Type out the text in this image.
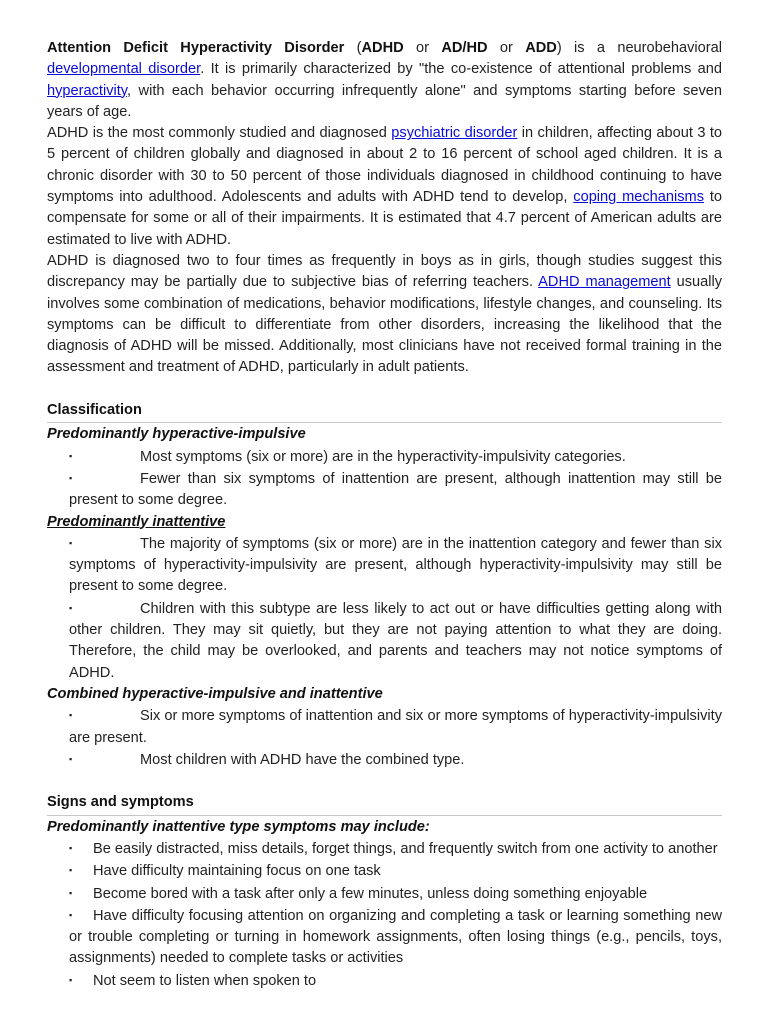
Attention Deficit Hyperactivity Disorder (ADHD or AD/HD or ADD) is a neurobehavioral developmental disorder. It is primarily characterized by "the co-existence of attentional problems and hyperactivity, with each behavior occurring infrequently alone" and symptoms starting before seven years of age.

ADHD is the most commonly studied and diagnosed psychiatric disorder in children, affecting about 3 to 5 percent of children globally and diagnosed in about 2 to 16 percent of school aged children. It is a chronic disorder with 30 to 50 percent of those individuals diagnosed in childhood continuing to have symptoms into adulthood. Adolescents and adults with ADHD tend to develop, coping mechanisms to compensate for some or all of their impairments. It is estimated that 4.7 percent of American adults are estimated to live with ADHD.

ADHD is diagnosed two to four times as frequently in boys as in girls, though studies suggest this discrepancy may be partially due to subjective bias of referring teachers. ADHD management usually involves some combination of medications, behavior modifications, lifestyle changes, and counseling. Its symptoms can be difficult to differentiate from other disorders, increasing the likelihood that the diagnosis of ADHD will be missed. Additionally, most clinicians have not received formal training in the assessment and treatment of ADHD, particularly in adult patients.

Classification
Predominantly hyperactive-impulsive
▪	Most symptoms (six or more) are in the hyperactivity-impulsivity categories.
▪	Fewer than six symptoms of inattention are present, although inattention may still be present to some degree.
Predominantly inattentive
▪	The majority of symptoms (six or more) are in the inattention category and fewer than six symptoms of hyperactivity-impulsivity are present, although hyperactivity-impulsivity may still be present to some degree.
▪	Children with this subtype are less likely to act out or have difficulties getting along with other children. They may sit quietly, but they are not paying attention to what they are doing. Therefore, the child may be overlooked, and parents and teachers may not notice symptoms of ADHD.
Combined hyperactive-impulsive and inattentive
▪	Six or more symptoms of inattention and six or more symptoms of hyperactivity-impulsivity are present.
▪	Most children with ADHD have the combined type.
Signs and symptoms
Predominantly inattentive type symptoms may include:
▪ Be easily distracted, miss details, forget things, and frequently switch from one activity to another
▪ Have difficulty maintaining focus on one task
▪ Become bored with a task after only a few minutes, unless doing something enjoyable
▪ Have difficulty focusing attention on organizing and completing a task or learning something new or trouble completing or turning in homework assignments, often losing things (e.g., pencils, toys, assignments) needed to complete tasks or activities
▪ Not seem to listen when spoken to
